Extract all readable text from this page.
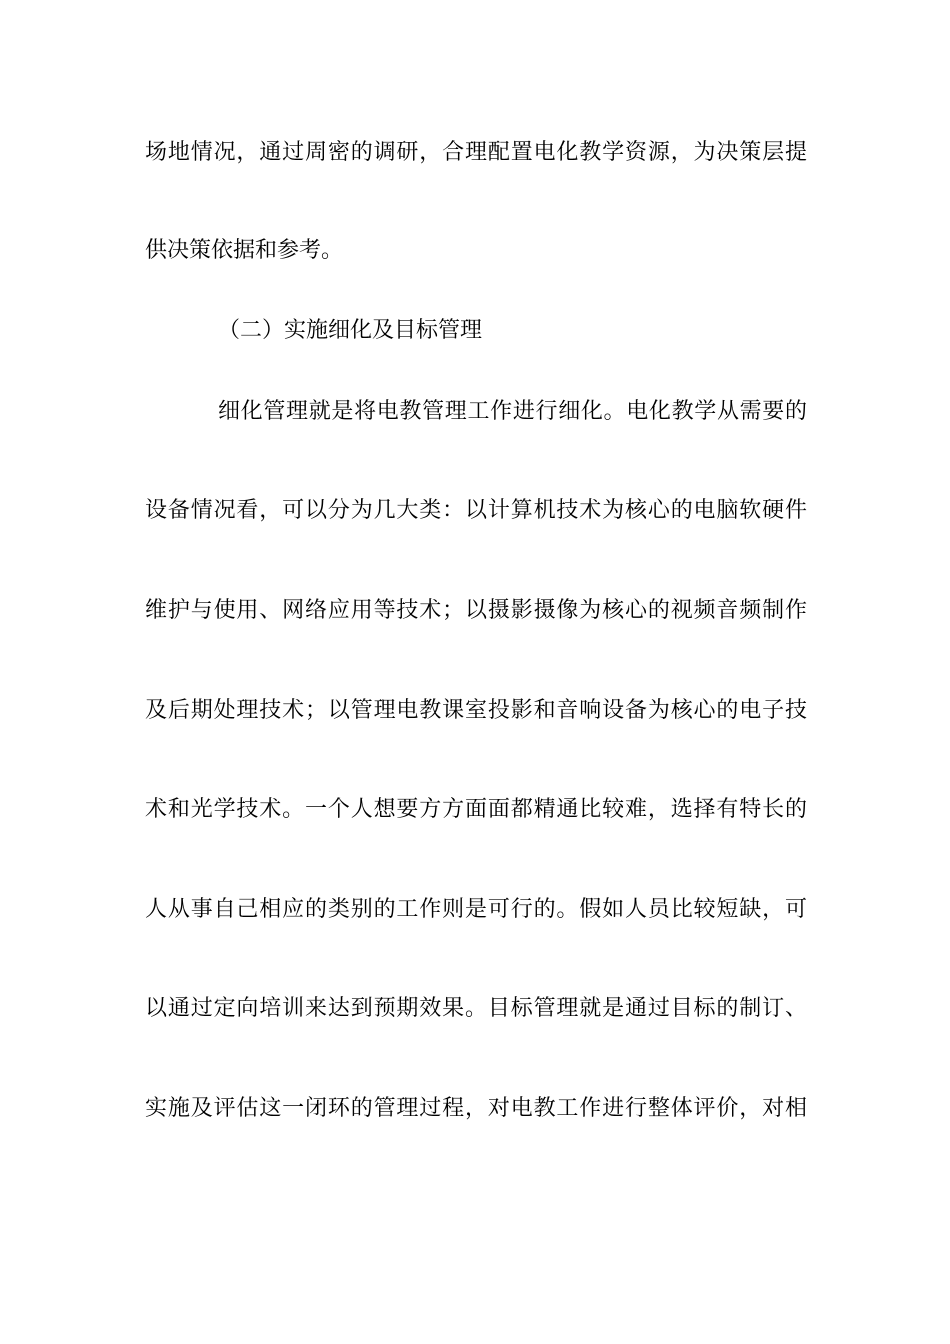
场地情况，通过周密的调研，合理配置电化教学资源，为决策层提
供决策依据和参考。
（二）实施细化及目标管理
细化管理就是将电教管理工作进行细化。电化教学从需要的
设备情况看，可以分为几大类：以计算机技术为核心的电脑软硬件
维护与使用、网络应用等技术；以摄影摄像为核心的视频音频制作
及后期处理技术；以管理电教课室投影和音响设备为核心的电子技
术和光学技术。一个人想要方方面面都精通比较难，选择有特长的
人从事自己相应的类别的工作则是可行的。假如人员比较短缺，可
以通过定向培训来达到预期效果。目标管理就是通过目标的制订、
实施及评估这一闭环的管理过程，对电教工作进行整体评价，对相
